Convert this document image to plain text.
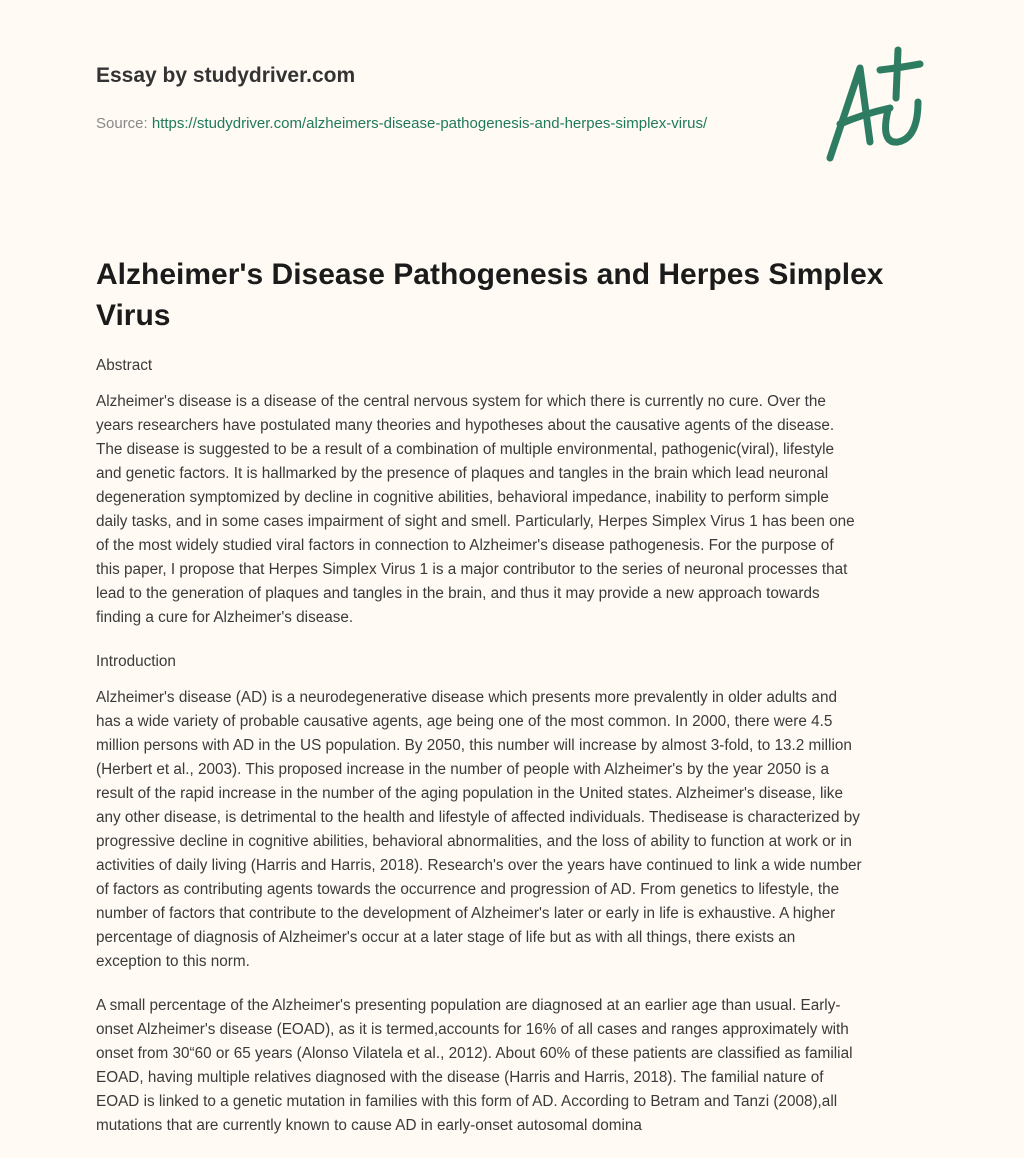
Essay by studydriver.com
Source: https://studydriver.com/alzheimers-disease-pathogenesis-and-herpes-simplex-virus/
Alzheimer's Disease Pathogenesis and Herpes Simplex Virus
Abstract
Alzheimer's disease is a disease of the central nervous system for which there is currently no cure. Over the
years researchers have postulated many theories and hypotheses about the causative agents of the disease.
The disease is suggested to be a result of a combination of multiple environmental, pathogenic(viral), lifestyle
and genetic factors. It is hallmarked by the presence of plaques and tangles in the brain which lead neuronal
degeneration symptomized by decline in cognitive abilities, behavioral impedance, inability to perform simple
daily tasks, and in some cases impairment of sight and smell. Particularly, Herpes Simplex Virus 1 has been one
of the most widely studied viral factors in connection to Alzheimer's disease pathogenesis. For the purpose of
this paper, I propose that Herpes Simplex Virus 1 is a major contributor to the series of neuronal processes that
lead to the generation of plaques and tangles in the brain, and thus it may provide a new approach towards
finding a cure for Alzheimer's disease.
Introduction
Alzheimer's disease (AD) is a neurodegenerative disease which presents more prevalently in older adults and
has a wide variety of probable causative agents, age being one of the most common. In 2000, there were 4.5
million persons with AD in the US population. By 2050, this number will increase by almost 3-fold, to 13.2 million
(Herbert et al., 2003). This proposed increase in the number of people with Alzheimer's by the year 2050 is a
result of the rapid increase in the number of the aging population in the United states. Alzheimer's disease, like
any other disease, is detrimental to the health and lifestyle of affected individuals. Thedisease is characterized by
progressive decline in cognitive abilities, behavioral abnormalities, and the loss of ability to function at work or in
activities of daily living (Harris and Harris, 2018). Research's over the years have continued to link a wide number
of factors as contributing agents towards the occurrence and progression of AD. From genetics to lifestyle, the
number of factors that contribute to the development of Alzheimer's later or early in life is exhaustive. A higher
percentage of diagnosis of Alzheimer's occur at a later stage of life but as with all things, there exists an
exception to this norm.
A small percentage of the Alzheimer's presenting population are diagnosed at an earlier age than usual. Early-
onset Alzheimer's disease (EOAD), as it is termed,accounts for 16% of all cases and ranges approximately with
onset from 30“60 or 65 years (Alonso Vilatela et al., 2012). About 60% of these patients are classified as familial
EOAD, having multiple relatives diagnosed with the disease (Harris and Harris, 2018). The familial nature of
EOAD is linked to a genetic mutation in families with this form of AD. According to Betram and Tanzi (2008),all
mutations that are currently known to cause AD in early-onset autosomal domina
